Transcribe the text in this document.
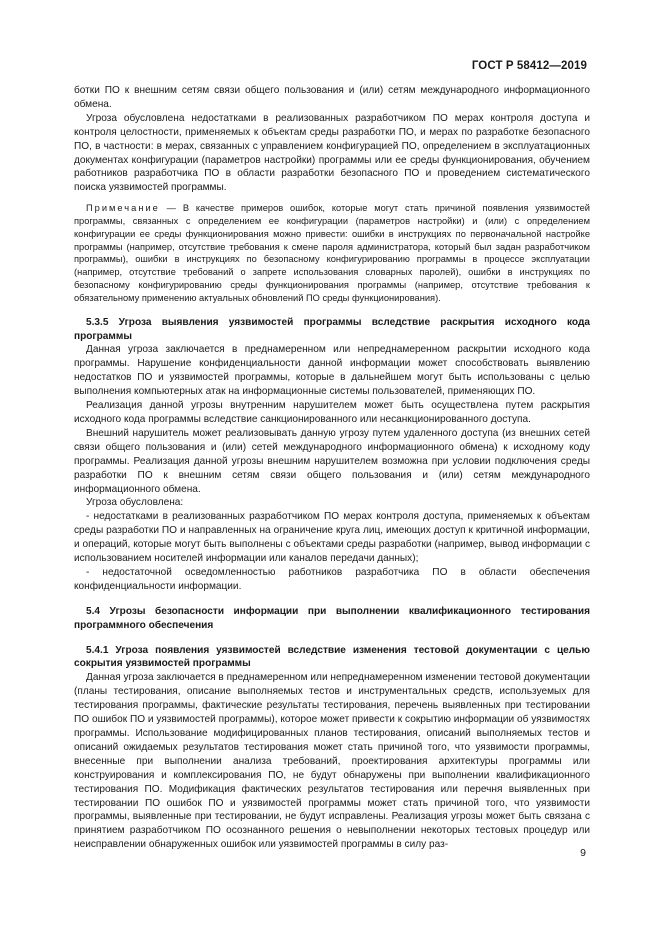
ГОСТ Р 58412—2019

ботки ПО к внешним сетям связи общего пользования и (или) сетям международного информационного обмена.

Угроза обусловлена недостатками в реализованных разработчиком ПО мерах контроля доступа и контроля целостности, применяемых к объектам среды разработки ПО, и мерах по разработке безопасного ПО, в частности: в мерах, связанных с управлением конфигурацией ПО, определением в эксплуатационных документах конфигурации (параметров настройки) программы или ее среды функционирования, обучением работников разработчика ПО в области разработки безопасного ПО и проведением систематического поиска уязвимостей программы.

Примечание — В качестве примеров ошибок, которые могут стать причиной появления уязвимостей программы, связанных с определением ее конфигурации (параметров настройки) и (или) с определением конфигурации ее среды функционирования можно привести: ошибки в инструкциях по первоначальной настройке программы (например, отсутствие требования к смене пароля администратора, который был задан разработчиком программы), ошибки в инструкциях по безопасному конфигурированию программы в процессе эксплуатации (например, отсутствие требований о запрете использования словарных паролей), ошибки в инструкциях по безопасному конфигурированию среды функционирования программы (например, отсутствие требования к обязательному применению актуальных обновлений ПО среды функционирования).

5.3.5 Угроза выявления уязвимостей программы вследствие раскрытия исходного кода программы

Данная угроза заключается в преднамеренном или непреднамеренном раскрытии исходного кода программы. Нарушение конфиденциальности данной информации может способствовать выявлению недостатков ПО и уязвимостей программы, которые в дальнейшем могут быть использованы с целью выполнения компьютерных атак на информационные системы пользователей, применяющих ПО.

Реализация данной угрозы внутренним нарушителем может быть осуществлена путем раскрытия исходного кода программы вследствие санкционированного или несанкционированного доступа.

Внешний нарушитель может реализовывать данную угрозу путем удаленного доступа (из внешних сетей связи общего пользования и (или) сетей международного информационного обмена) к исходному коду программы. Реализация данной угрозы внешним нарушителем возможна при условии подключения среды разработки ПО к внешним сетям связи общего пользования и (или) сетям международного информационного обмена.

Угроза обусловлена:

- недостатками в реализованных разработчиком ПО мерах контроля доступа, применяемых к объектам среды разработки ПО и направленных на ограничение круга лиц, имеющих доступ к критичной информации, и операций, которые могут быть выполнены с объектами среды разработки (например, вывод информации с использованием носителей информации или каналов передачи данных);

- недостаточной осведомленностью работников разработчика ПО в области обеспечения конфиденциальности информации.

5.4 Угрозы безопасности информации при выполнении квалификационного тестирования программного обеспечения

5.4.1 Угроза появления уязвимостей вследствие изменения тестовой документации с целью сокрытия уязвимостей программы

Данная угроза заключается в преднамеренном или непреднамеренном изменении тестовой документации (планы тестирования, описание выполняемых тестов и инструментальных средств, используемых для тестирования программы, фактические результаты тестирования, перечень выявленных при тестировании ПО ошибок ПО и уязвимостей программы), которое может привести к сокрытию информации об уязвимостях программы. Использование модифицированных планов тестирования, описаний выполняемых тестов и описаний ожидаемых результатов тестирования может стать причиной того, что уязвимости программы, внесенные при выполнении анализа требований, проектирования архитектуры программы или конструирования и комплексирования ПО, не будут обнаружены при выполнении квалификационного тестирования ПО. Модификация фактических результатов тестирования или перечня выявленных при тестировании ПО ошибок ПО и уязвимостей программы может стать причиной того, что уязвимости программы, выявленные при тестировании, не будут исправлены. Реализация угрозы может быть связана с принятием разработчиком ПО осознанного решения о невыполнении некоторых тестовых процедур или неисправлении обнаруженных ошибок или уязвимостей программы в силу раз-

9
